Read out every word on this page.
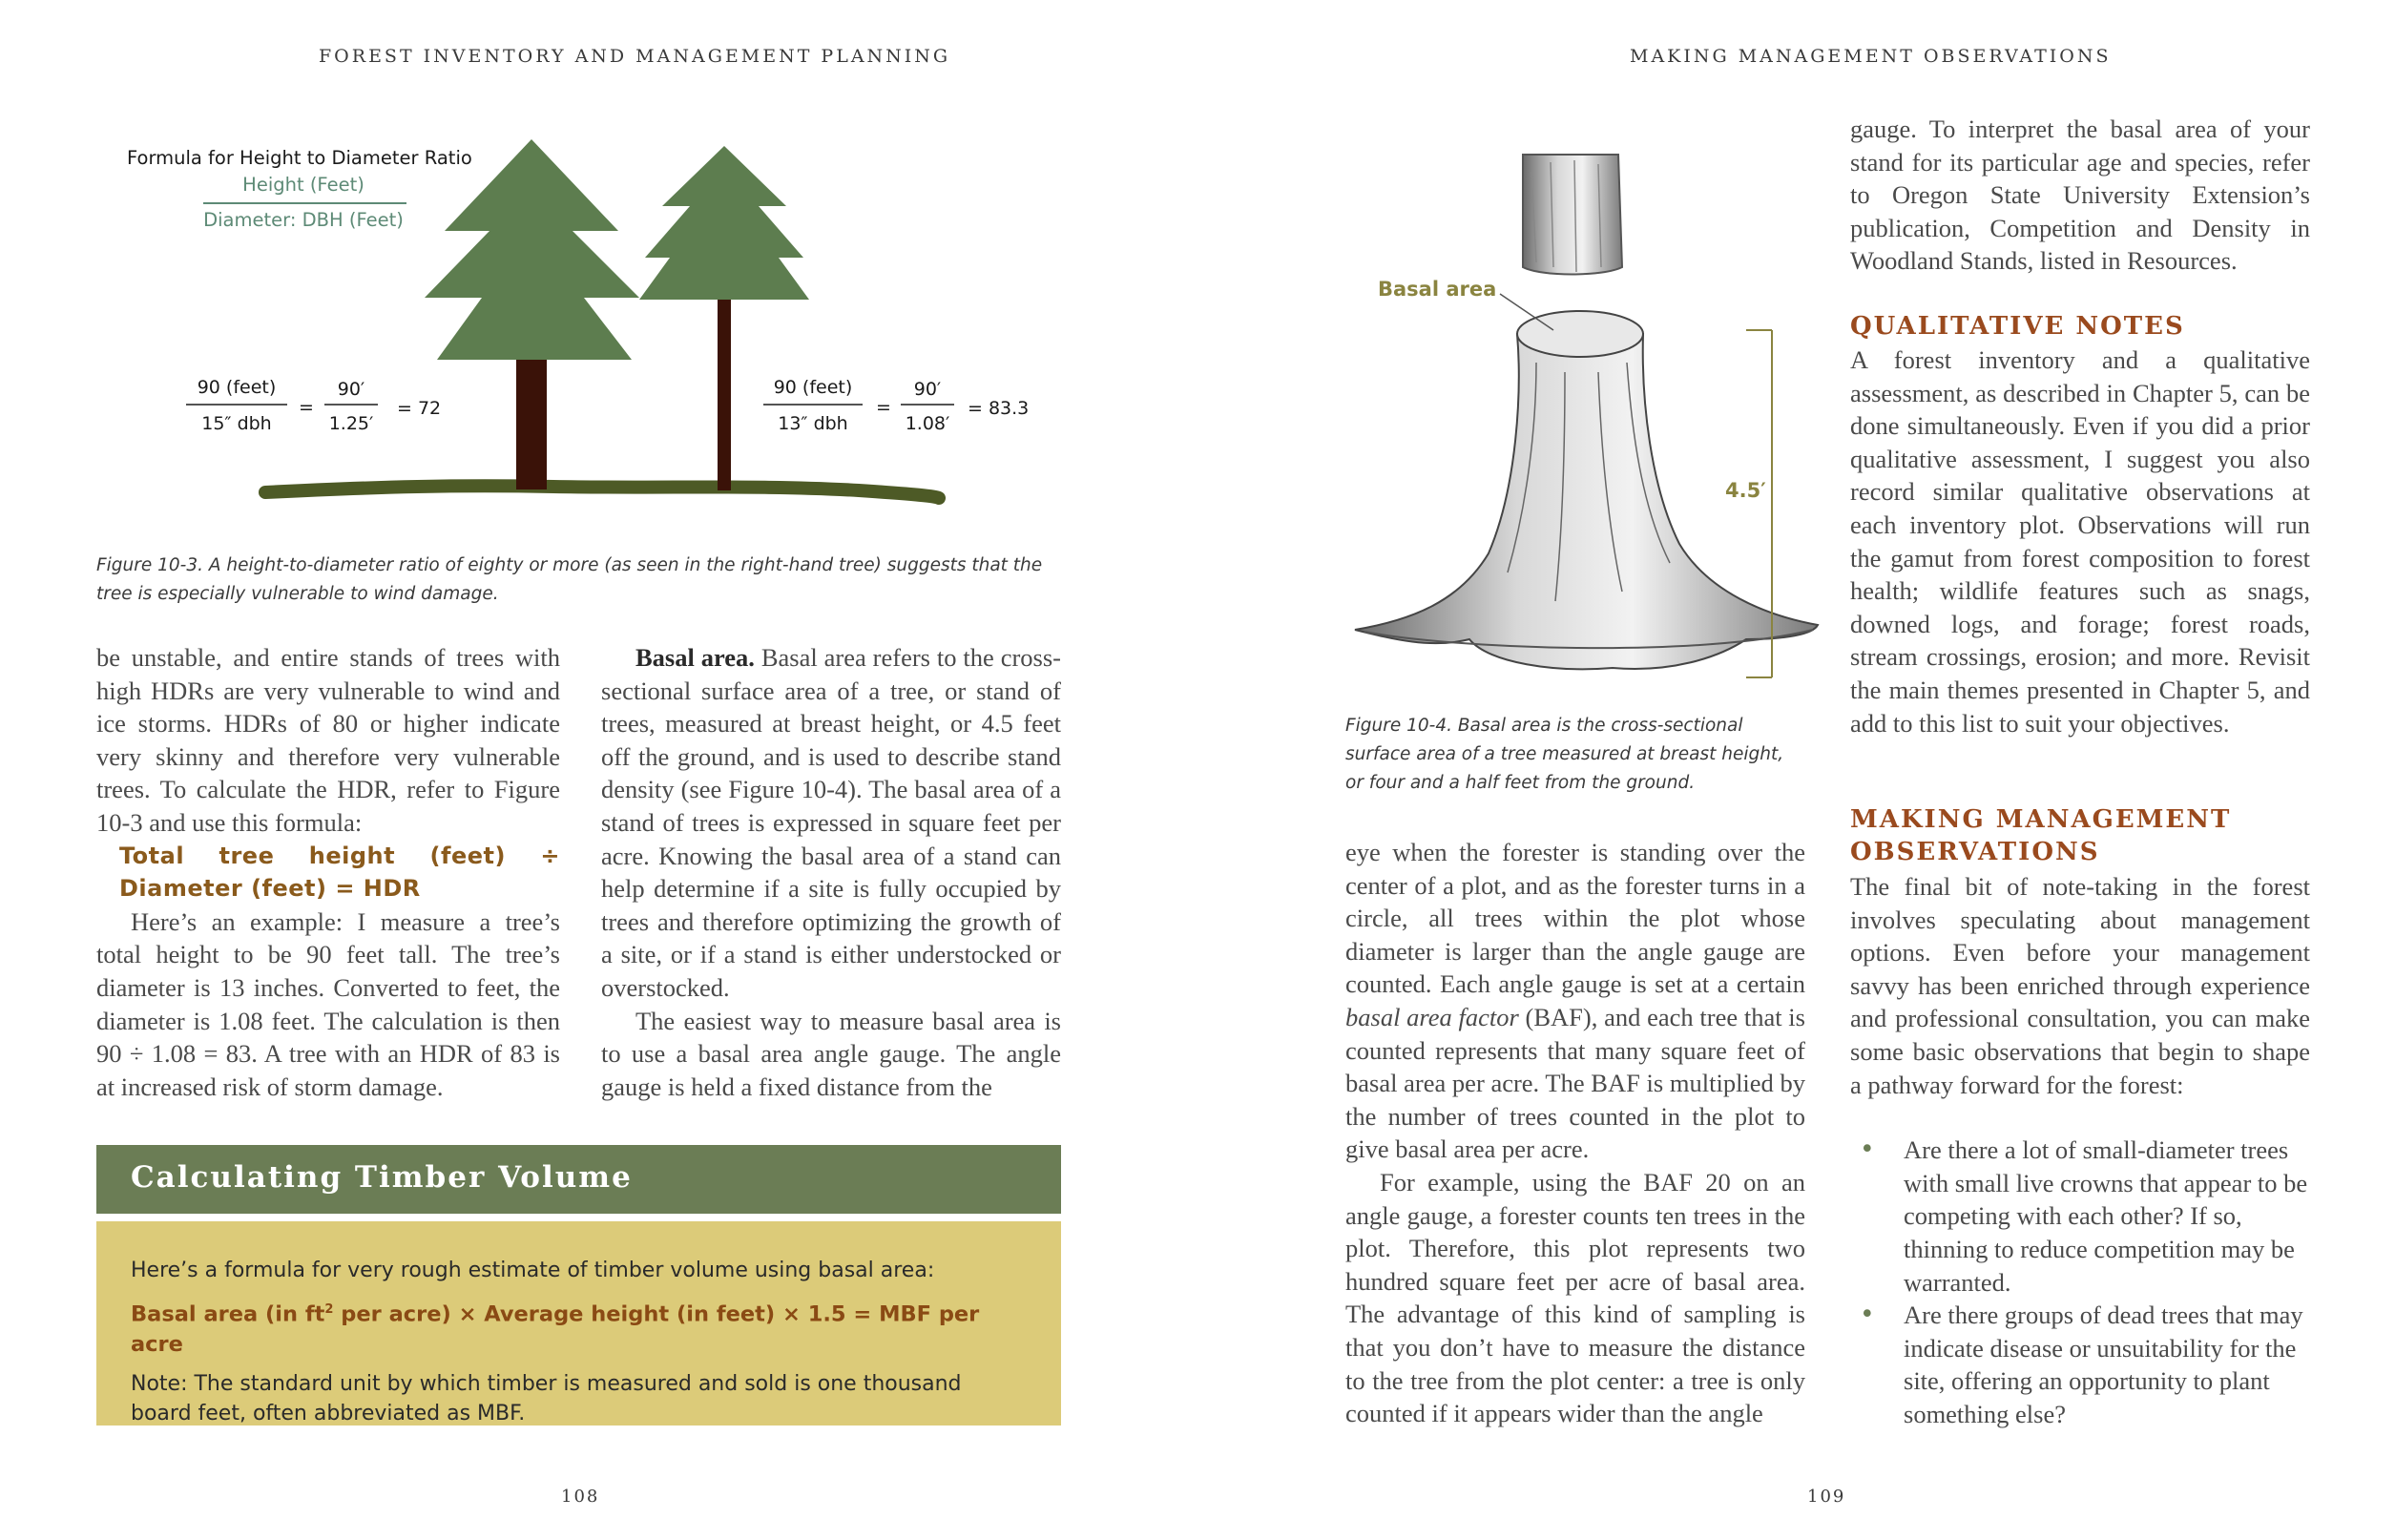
FOREST INVENTORY AND MANAGEMENT PLANNING
Formula for Height to Diameter Ratio
Height (Feet)
Diameter: DBH (Feet)
90 (feet)
15″ dbh
=
90′
1.25′
= 72
90 (feet)
13″ dbh
=
90′
1.08′
= 83.3
Figure 10-3. A height-to-diameter ratio of eighty or more (as seen in the right-hand tree) suggests that the tree is especially vulnerable to wind damage.

be unstable, and entire stands of trees with high HDRs are very vulnerable to wind and ice storms. HDRs of 80 or higher indicate very skinny and therefore very vulnerable trees. To calculate the HDR, refer to Figure 10-3 and use this formula:

Total tree height (feet) ÷ Diameter (feet) = HDR

Here’s an example: I measure a tree’s total height to be 90 feet tall. The tree’s diameter is 13 inches. Converted to feet, the diameter is 1.08 feet. The calculation is then 90 ÷ 1.08 = 83. A tree with an HDR of 83 is at increased risk of storm damage.

Basal area. Basal area refers to the cross-sectional surface area of a tree, or stand of trees, measured at breast height, or 4.5 feet off the ground, and is used to describe stand density (see Figure 10-4). The basal area of a stand of trees is expressed in square feet per acre. Knowing the basal area of a stand can help determine if a site is fully occupied by trees and therefore optimizing the growth of a site, or if a stand is either understocked or overstocked.

The easiest way to measure basal area is to use a basal area angle gauge. The angle gauge is held a fixed distance from the

Calculating Timber Volume
Here’s a formula for very rough estimate of timber volume using basal area:
Basal area (in $ft^2$ per acre) × Average height (in feet) × 1.5 = MBF per acre
Note: The standard unit by which timber is measured and sold is one thousand board feet, often abbreviated as MBF.
108
MAKING MANAGEMENT OBSERVATIONS
Basal area
4.5′
Figure 10-4. Basal area is the cross-sectional surface area of a tree measured at breast height, or four and a half feet from the ground.

eye when the forester is standing over the center of a plot, and as the forester turns in a circle, all trees within the plot whose diameter is larger than the angle gauge are counted. Each angle gauge is set at a certain basal area factor (BAF), and each tree that is counted represents that many square feet of basal area per acre. The BAF is multiplied by the number of trees counted in the plot to give basal area per acre.

For example, using the BAF 20 on an angle gauge, a forester counts ten trees in the plot. Therefore, this plot represents two hundred square feet per acre of basal area. The advantage of this kind of sampling is that you don’t have to measure the distance to the tree from the plot center: a tree is only counted if it appears wider than the angle

gauge. To interpret the basal area of your stand for its particular age and species, refer to Oregon State University Extension’s publication, Competition and Density in Woodland Stands, listed in Resources.

QUALITATIVE NOTES

A forest inventory and a qualitative assessment, as described in Chapter 5, can be done simultaneously. Even if you did a prior qualitative assessment, I suggest you also record similar qualitative observations at each inventory plot. Observations will run the gamut from forest composition to forest health; wildlife features such as snags, downed logs, and forage; forest roads, stream crossings, erosion; and more. Revisit the main themes presented in Chapter 5, and add to this list to suit your objectives.

MAKING MANAGEMENT
OBSERVATIONS

The final bit of note-taking in the forest involves speculating about management options. Even before your management savvy has been enriched through experience and professional consultation, you can make some basic observations that begin to shape a pathway forward for the forest:

• Are there a lot of small-diameter trees with small live crowns that appear to be competing with each other? If so, thinning to reduce competition may be warranted.
• Are there groups of dead trees that may indicate disease or unsuitability for the site, offering an opportunity to plant something else?
109
